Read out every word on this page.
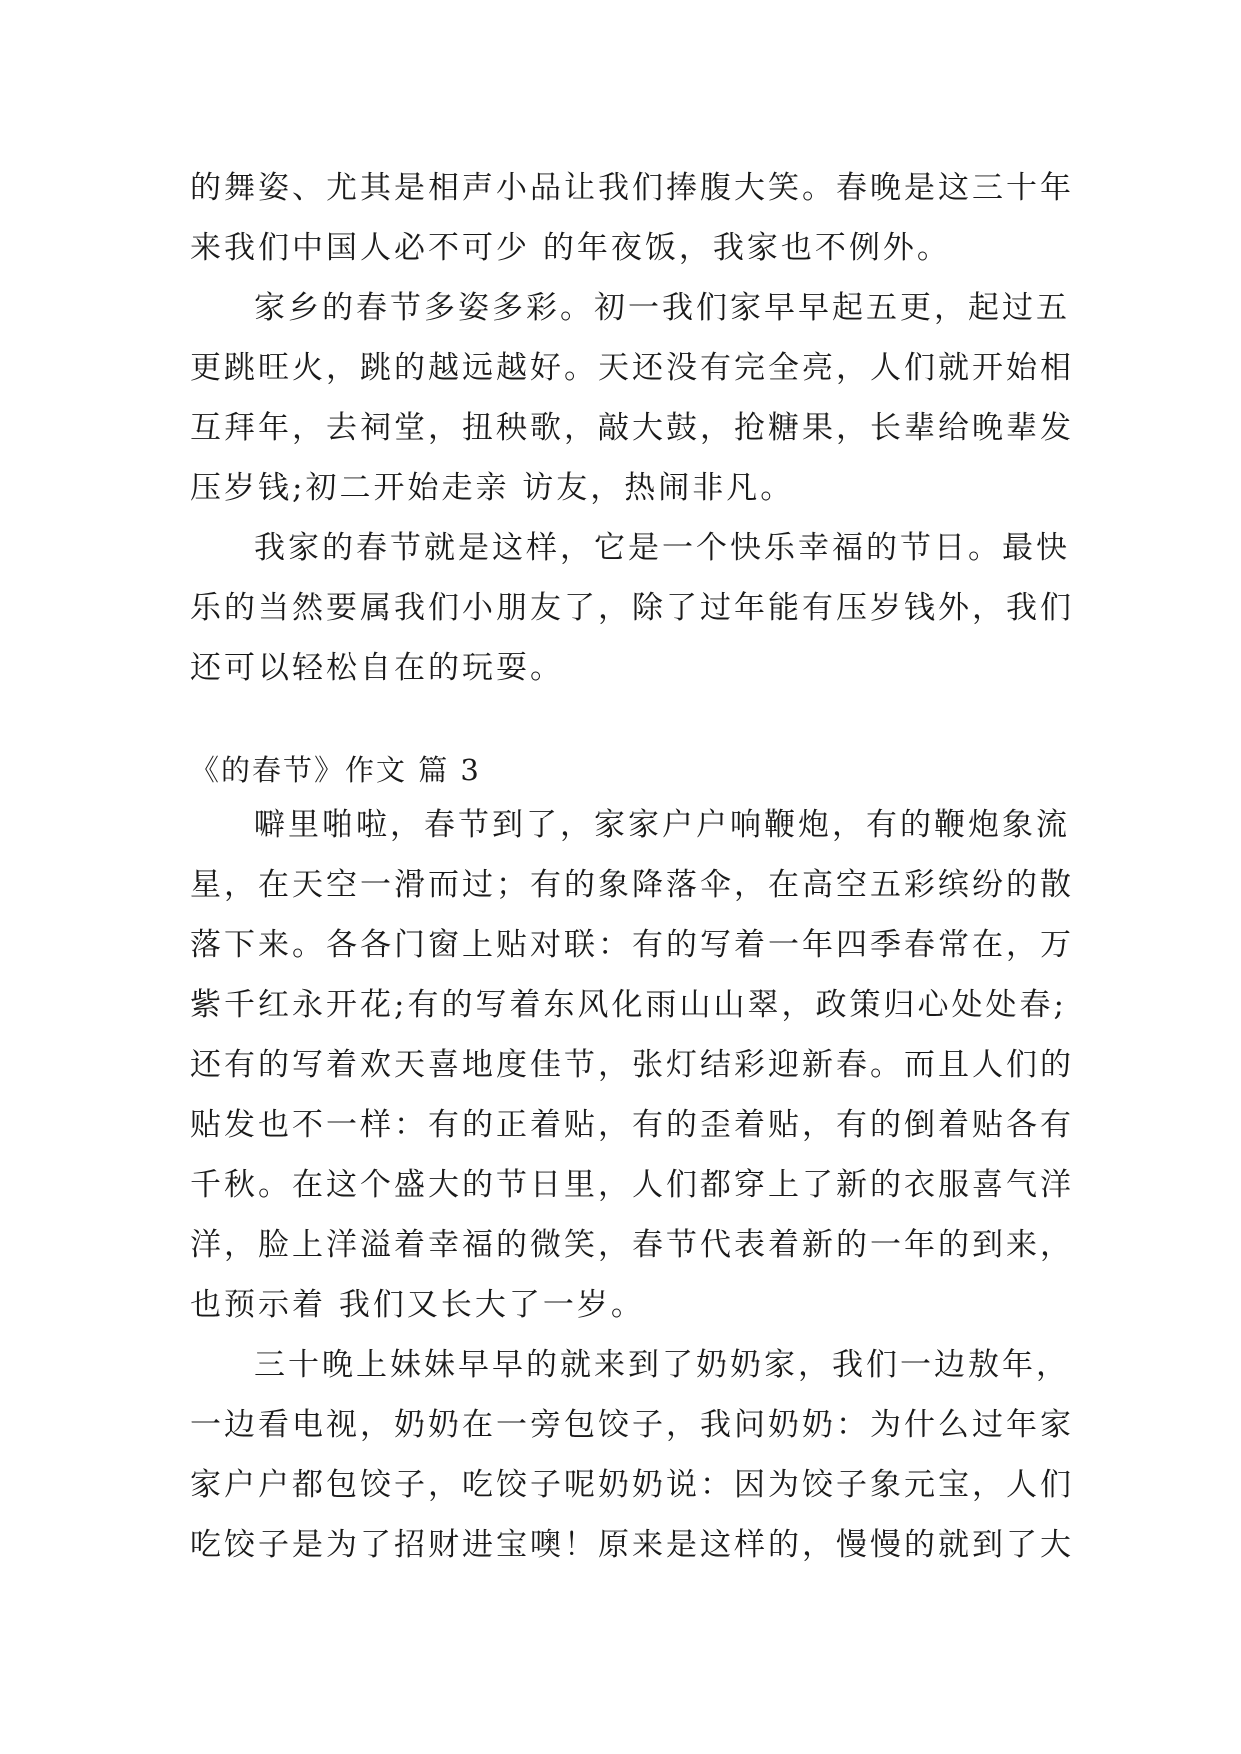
的舞姿、尤其是相声小品让我们捧腹大笑。春晚是这三十年
来我们中国人必不可少 的年夜饭，我家也不例外。
家乡的春节多姿多彩。初一我们家早早起五更，起过五
更跳旺火，跳的越远越好。天还没有完全亮，人们就开始相
互拜年，去祠堂，扭秧歌，敲大鼓，抢糖果，长辈给晚辈发
压岁钱;初二开始走亲 访友，热闹非凡。
我家的春节就是这样，它是一个快乐幸福的节日。最快
乐的当然要属我们小朋友了，除了过年能有压岁钱外，我们
还可以轻松自在的玩耍。
《的春节》作文 篇 3
噼里啪啦，春节到了，家家户户响鞭炮，有的鞭炮象流
星，在天空一滑而过；有的象降落伞，在高空五彩缤纷的散
落下来。各各门窗上贴对联：有的写着一年四季春常在，万
紫千红永开花;有的写着东风化雨山山翠，政策归心处处春;
还有的写着欢天喜地度佳节，张灯结彩迎新春。而且人们的
贴发也不一样：有的正着贴，有的歪着贴，有的倒着贴各有
千秋。在这个盛大的节日里，人们都穿上了新的衣服喜气洋
洋，脸上洋溢着幸福的微笑，春节代表着新的一年的到来，
也预示着 我们又长大了一岁。
三十晚上妹妹早早的就来到了奶奶家，我们一边敖年，
一边看电视，奶奶在一旁包饺子，我问奶奶：为什么过年家
家户户都包饺子，吃饺子呢奶奶说：因为饺子象元宝，人们
吃饺子是为了招财进宝噢！原来是这样的，慢慢的就到了大
